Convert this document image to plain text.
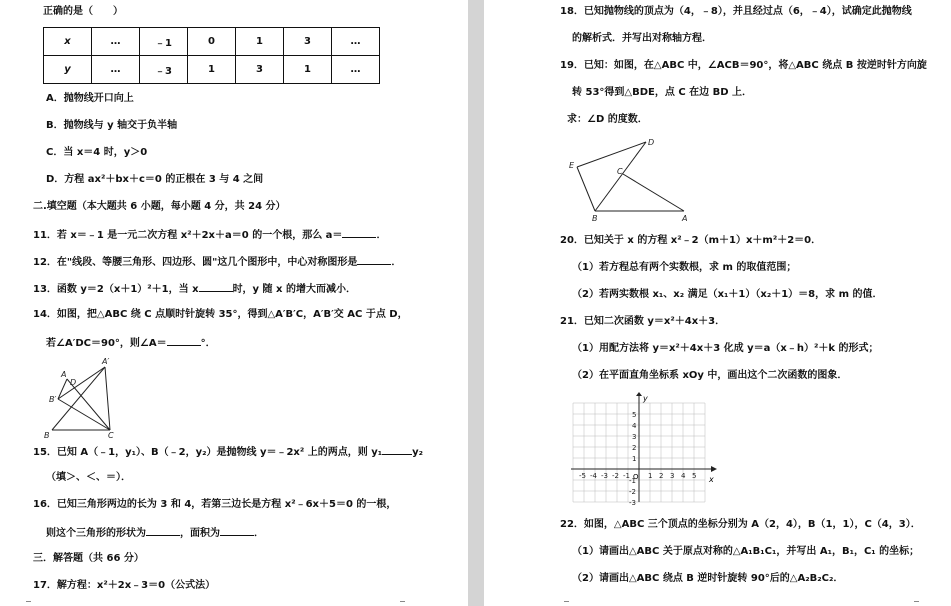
正确的是（　　）
x	…	﹣1	0	1	3	…
y	…	﹣3	1	3	1	…
A．抛物线开口向上
B．抛物线与 y 轴交于负半轴
C．当 x＝4 时，y＞0
D．方程 ax²＋bx＋c＝0 的正根在 3 与 4 之间
二.填空题（本大题共 6 小题，每小题 4 分，共 24 分）
11．若 x＝﹣1 是一元二次方程 x²＋2x＋a＝0 的一个根，那么 a＝	．
12．在"线段、等腰三角形、四边形、圆"这几个图形中，中心对称图形是	．
13．函数 y＝2（x＋1）²＋1，当 x	时，y 随 x 的增大而减小．
14．如图，把△ABC 绕 C 点顺时针旋转 35°，得到△A′B′C，A′B′交 AC 于点 D，
若∠A′DC＝90°，则∠A＝	°．
A′
A
D
B′
B	C
15．已知 A（﹣1，y₁）、B（﹣2，y₂）是抛物线 y＝﹣2x² 上的两点，则 y₁	y₂
（填＞、＜、＝）．
16．已知三角形两边的长为 3 和 4，若第三边长是方程 x²﹣6x＋5＝0 的一根，
则这个三角形的形状为	，面积为	．
三．解答题（共 66 分）
17．解方程：x²＋2x﹣3＝0（公式法）
18．已知抛物线的顶点为（4，﹣8），并且经过点（6，﹣4），试确定此抛物线
的解析式．并写出对称轴方程．
19．已知：如图，在△ABC 中，∠ACB＝90°，将△ABC 绕点 B 按逆时针方向旋
转 53°得到△BDE，点 C 在边 BD 上．
求：∠D 的度数．
D
E
C
B	A
20．已知关于 x 的方程 x²﹣2（m＋1）x＋m²＋2＝0．
（1）若方程总有两个实数根，求 m 的取值范围；
（2）若两实数根 x₁、x₂ 满足（x₁＋1）（x₂＋1）＝8，求 m 的值．
21．已知二次函数 y＝x²＋4x＋3．
（1）用配方法将 y＝x²＋4x＋3 化成 y＝a（x﹣h）²＋k 的形式；
（2）在平面直角坐标系 xOy 中，画出这个二次函数的图象．
-5 -4 -3 -2 -1	1 2 3 4 5
5
4
3
2
1
-1
-2
-3
x
y
O
22．如图，△ABC 三个顶点的坐标分别为 A（2，4），B（1，1），C（4，3）．
（1）请画出△ABC 关于原点对称的△A₁B₁C₁，并写出 A₁，B₁，C₁ 的坐标；
（2）请画出△ABC 绕点 B 逆时针旋转 90°后的△A₂B₂C₂．
